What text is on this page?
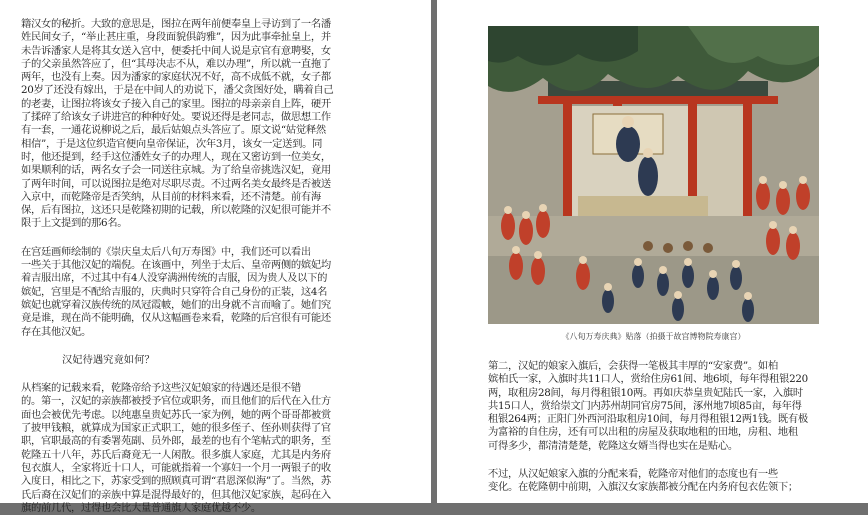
籍汉女的秘折。大致的意思是，图拉在两年前便奉皇上寻访到了一名潘
姓民间女子，“举止甚庄重，身段面貌俱韵雅”，因为此事牵扯皇上，并
未告诉潘家人是将其女送入宫中，便委托中间人说是京官有意聘娶，女
子的父亲虽然答应了，但“其母决志不从，难以办理”，所以就一直拖了
两年，也没有上奏。因为潘家的家庭状况不好，高不成低不就，女子都
20岁了还没有嫁出，于是在中间人的劝说下，潘父贪图好处，瞒着自己
的老妻，让图拉将该女子接入自己的家里。图拉的母亲亲自上阵，硬开
了揉碎了给该女子讲进宫的种种好处。要说还得是老同志，做思想工作
有一套，一通花说柳说之后，最后姑娘点头答应了。原文说“姑觉释然
相信”，于是这位织造官便向皇帝保证，次年3月，该女一定送到。同
时，他还提到，经手这位潘姓女子的办理人，现在又密访到一位美女，
如果顺利的话，两名女子会一同送往京城。为了给皇帝挑选汉妃，竟用
了两年时间，可以说图拉是绝对尽职尽责。不过两名美女最终是否被送
入京中，而乾隆帝是否笑纳，从目前的材料来看，还不清楚。前有海
保，后有图拉，这还只是乾隆初期的记载，所以乾隆的汉妃很可能并不
限于上文提到的那6名。

在宫廷画师绘制的《崇庆皇太后八旬万寿图》中，我们还可以看出
一些关于其他汉妃的端倪。在该画中，列坐于太后、皇帝两侧的嫔妃均
着吉服出席，不过其中有4人没穿满洲传统的吉服，因为贵人及以下的
嫔妃，宫里是不配给吉服的，庆典时只穿符合自己身份的正装，这4名
嫔妃也就穿着汉族传统的凤冠霞帔，她们的出身就不言而喻了。她们究
竟是谁，现在尚不能明确，仅从这幅画卷来看，乾隆的后宫很有可能还
存在其他汉妃。

汉妃待遇究竟如何？

从档案的记载来看，乾隆帝给予这些汉妃娘家的待遇还是很不错
的。第一，汉妃的亲族都被授予官位或职务，而且他们的后代在入仕方
面也会被优先考虑。以纯惠皇贵妃苏氏一家为例，她的两个哥哥都被赏
了披甲钱粮，就算成为国家正式职工，她的很多侄子、侄孙则获得了官
职，官职最高的有委署苑副、员外郎，最差的也有个笔帖式的职务，至
乾隆五十八年，苏氏后裔竟无一人闲散。很多旗人家庭，尤其是内务府
包衣旗人，全家将近十口人，可能就指着一个寡妇一个月一两银子的收
入度日，相比之下，苏家受到的照顾真可谓“君恩深似海”了。当然，苏
氏后裔在汉妃们的亲族中算是混得最好的，但其他汉妃家族，起码在入
旗的前几代，过得也会比大量普通旗人家庭优越不少。

《八旬万寿庆典》贴落（拍摄于故宫博物院寿康宫）

第二，汉妃的娘家入旗后，会获得一笔极其丰厚的“安家费”。如柏
嫔柏氏一家，入旗时共11口人，赏给住房61间、地6顷，每年得租银220
两，取租房28间，每月得租银10两。再如庆恭皇贵妃陆氏一家，入旗时
共15口人，赏给崇文门内苏州胡同官房75间，涿州地7顷85亩，每年得
租银264两；正阳门外西河沿取租房10间，每月得租银12两1钱。既有极
为富裕的自住房，还有可以出租的房屋及获取地租的田地，房租、地租
可得多少，都清清楚楚，乾隆这女婿当得也实在是贴心。

不过，从汉妃娘家入旗的分配来看，乾隆帝对他们的态度也有一些
变化。在乾隆朝中前期，入旗汉女家族都被分配在内务府包衣佐领下；
